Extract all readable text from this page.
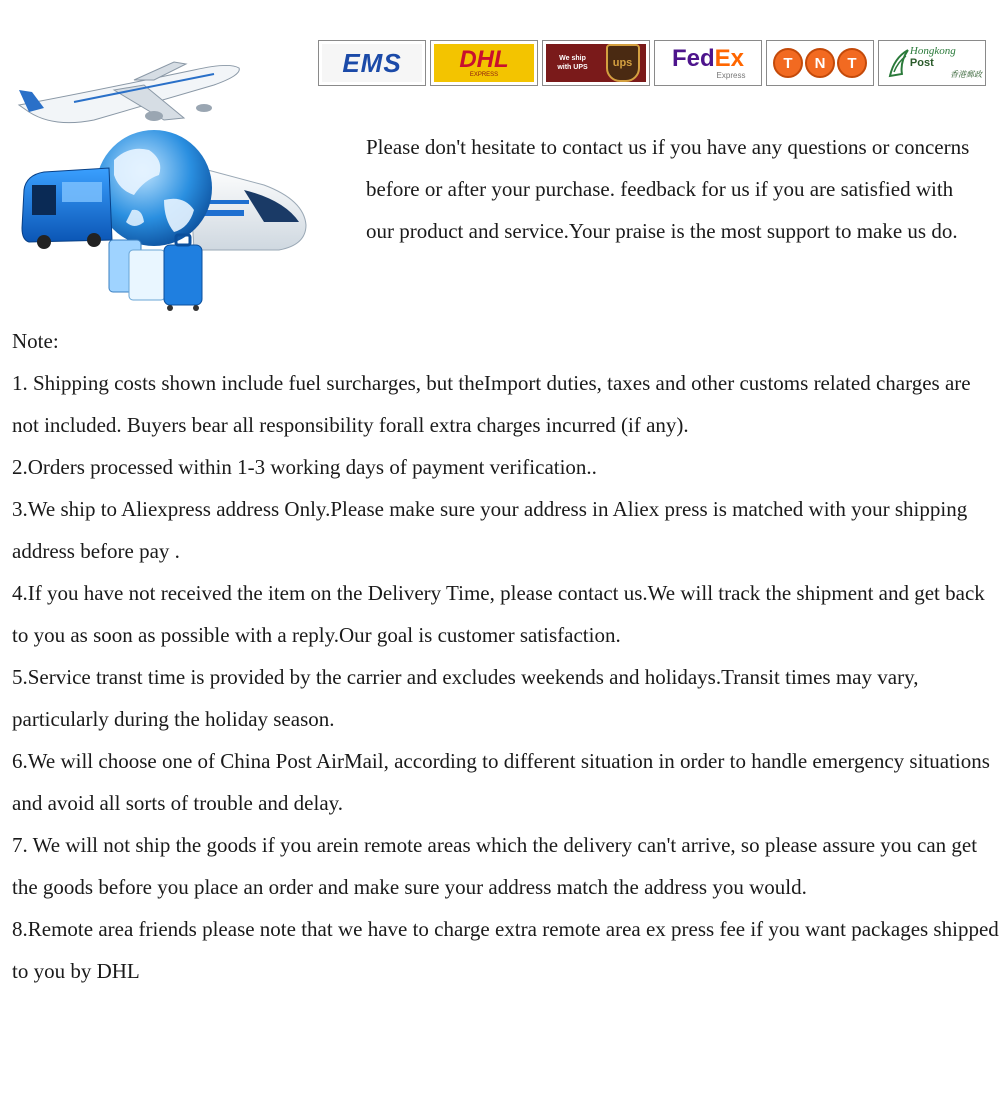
EMS DHL
EXPRESS
We ship
with UPS	ups FedEx
Express
T	N	T
Hongkong Post
香港郵政

Please don't hesitate to contact us if you have any questions or concerns before or after your purchase. feedback for us if you are satisfied with our product and service.Your praise is the most support to make us do.

Note:

1. Shipping costs shown include fuel surcharges, but theImport duties, taxes and other customs related charges are not included. Buyers bear all responsibility forall extra charges incurred (if any).
2.Orders processed within 1-3 working days of payment verification..
3.We ship to Aliexpress address Only.Please make sure your address in Aliex press is matched with your shipping address before pay .
4.If you have not received the item on the Delivery Time, please contact us.We will track the shipment and get back to you as soon as possible with a reply.Our goal is customer satisfaction.
5.Service transt time is provided by the carrier and excludes weekends and holidays.Transit times may vary, particularly during the holiday season.
6.We will choose one of China Post AirMail, according to different situation in order to handle emergency situations and avoid all sorts of trouble and delay.
7. We will not ship the goods if you arein remote areas which the delivery can't arrive, so please assure you can get the goods before you place an order and make sure your address match the address you would.
8.Remote area friends please note that we have to charge extra remote area ex press fee if you want packages shipped to you by DHL
